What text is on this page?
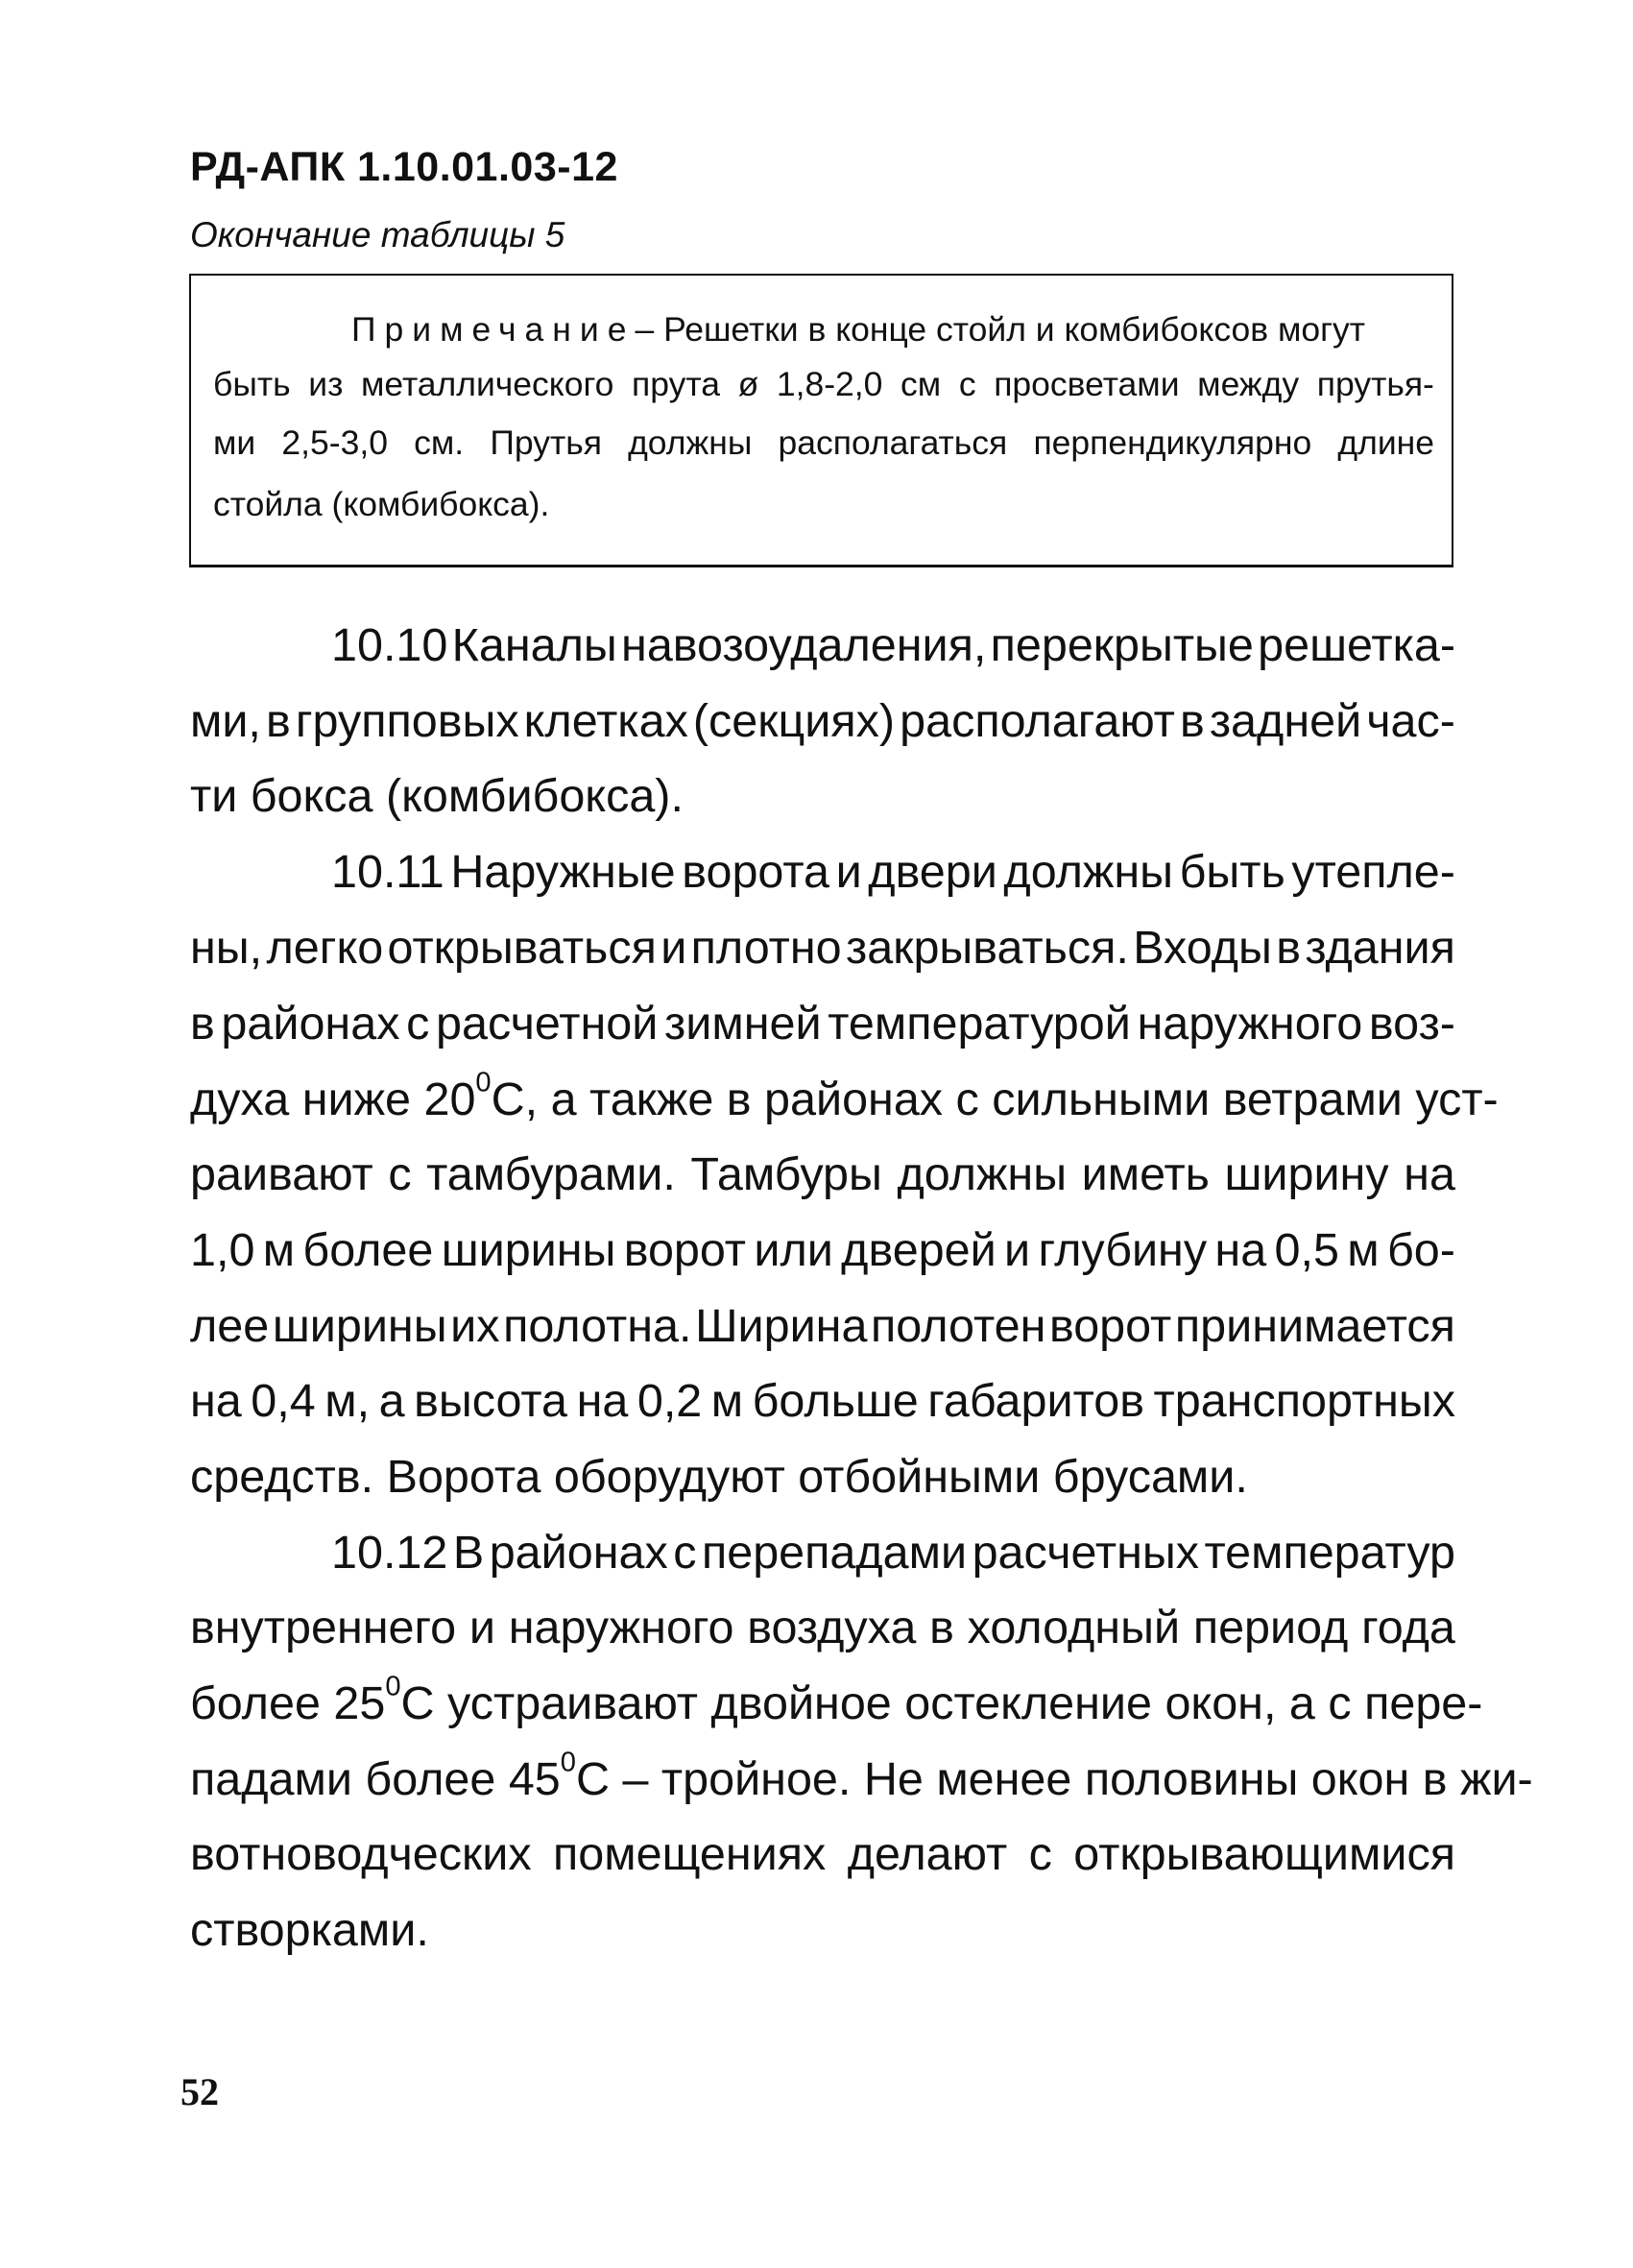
РД-АПК 1.10.01.03-12
Окончание таблицы 5
Примечание– Решетки в конце стойл и комбибоксов могут
быть из металлического прута ø 1,8-2,0 см с просветами между прутья-
ми 2,5-3,0 см. Прутья должны располагаться перпендикулярно длине
стойла (комбибокса).
10.10 Каналы навозоудаления, перекрытые решетка-
ми, в групповых клетках (секциях) располагают в задней час-
ти бокса (комбибокса).
10.11 Наружные ворота и двери должны быть утепле-
ны, легко открываться и плотно закрываться. Входы в здания
в районах с расчетной зимней температурой наружного воз-
духа ниже $20^0С$, а также в районах с сильными ветрами уст-
раивают с тамбурами. Тамбуры должны иметь ширину на
1,0 м более ширины ворот или дверей и глубину на 0,5 м бо-
лее ширины их полотна. Ширина полотен ворот принимается
на 0,4 м, а высота на 0,2 м больше габаритов транспортных
средств. Ворота оборудуют отбойными брусами.
10.12 В районах с перепадами расчетных температур
внутреннего и наружного воздуха в холодный период года
более $25^0С$ устраивают двойное остекление окон, а с пере-
падами более $45^0С$ – тройное. Не менее половины окон в жи-
вотноводческих помещениях делают с открывающимися
створками.
52
